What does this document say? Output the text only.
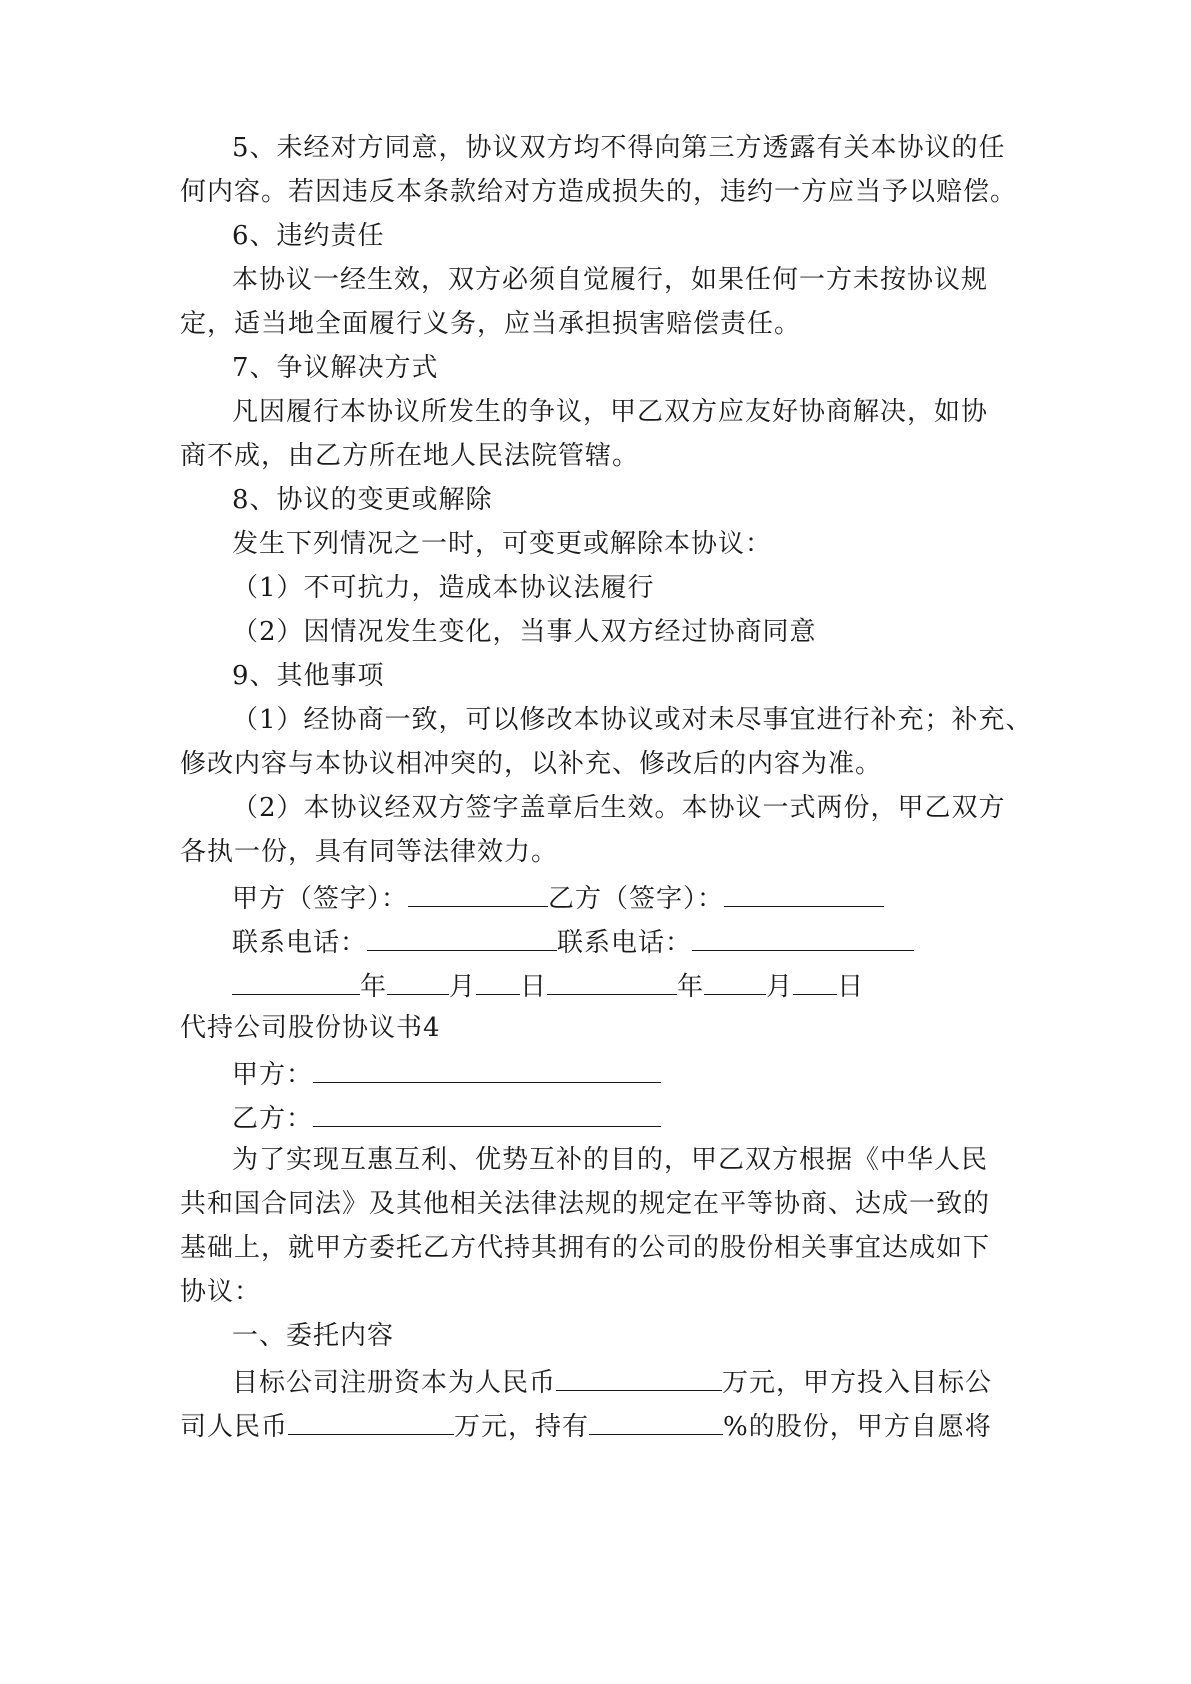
5、未经对方同意，协议双方均不得向第三方透露有关本协议的任
何内容。若因违反本条款给对方造成损失的，违约一方应当予以赔偿。
6、违约责任
本协议一经生效，双方必须自觉履行，如果任何一方未按协议规
定，适当地全面履行义务，应当承担损害赔偿责任。
7、争议解决方式
凡因履行本协议所发生的争议，甲乙双方应友好协商解决，如协
商不成，由乙方所在地人民法院管辖。
8、协议的变更或解除
发生下列情况之一时，可变更或解除本协议：
（1）不可抗力，造成本协议法履行
（2）因情况发生变化，当事人双方经过协商同意
9、其他事项
（1）经协商一致，可以修改本协议或对未尽事宜进行补充；补充、
修改内容与本协议相冲突的，以补充、修改后的内容为准。
（2）本协议经双方签字盖章后生效。本协议一式两份，甲乙双方
各执一份，具有同等法律效力。
甲方（签字）：	乙方（签字）：
联系电话：	联系电话：
年 月 日	年 月 日
代持公司股份协议书4
甲方：
乙方：
为了实现互惠互利、优势互补的目的，甲乙双方根据《中华人民
共和国合同法》及其他相关法律法规的规定在平等协商、达成一致的
基础上，就甲方委托乙方代持其拥有的公司的股份相关事宜达成如下
协议：
一、委托内容
目标公司注册资本为人民币	万元，甲方投入目标公
司人民币	万元，持有	%的股份，甲方自愿将
